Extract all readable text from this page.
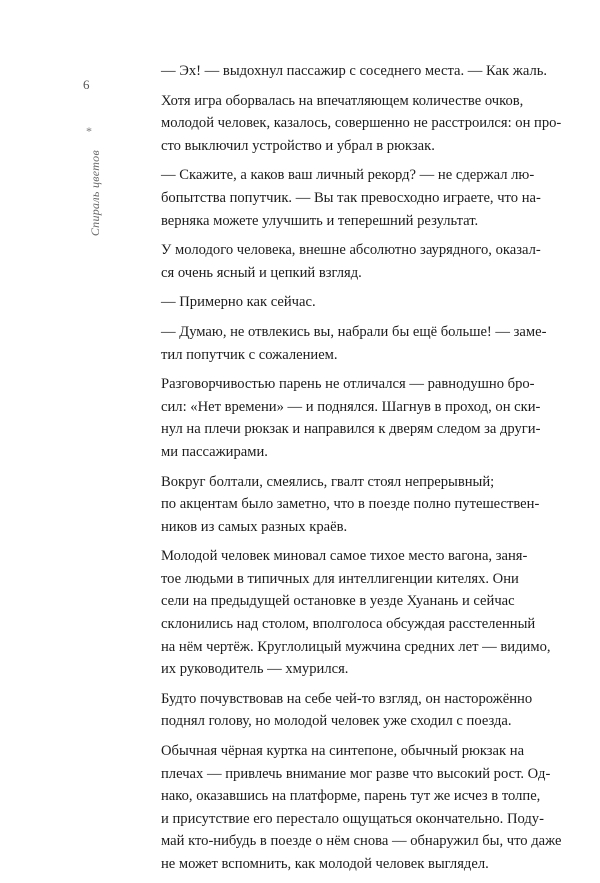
6
*
Спираль цветов

— Эх! — выдохнул пассажир с соседнего места. — Как жаль.

Хотя игра оборвалась на впечатляющем количестве очков,
молодой человек, казалось, совершенно не расстроился: он про-
сто выключил устройство и убрал в рюкзак.

— Скажите, а каков ваш личный рекорд? — не сдержал лю-
бопытства попутчик. — Вы так превосходно играете, что на-
верняка можете улучшить и теперешний результат.

У молодого человека, внешне абсолютно заурядного, оказал-
ся очень ясный и цепкий взгляд.

— Примерно как сейчас.

— Думаю, не отвлекись вы, набрали бы ещё больше! — заме-
тил попутчик с сожалением.

Разговорчивостью парень не отличался — равнодушно бро-
сил: «Нет времени» — и поднялся. Шагнув в проход, он ски-
нул на плечи рюкзак и направился к дверям следом за други-
ми пассажирами.

Вокруг болтали, смеялись, гвалт стоял непрерывный;
по акцентам было заметно, что в поезде полно путешествен-
ников из самых разных краёв.

Молодой человек миновал самое тихое место вагона, заня-
тое людьми в типичных для интеллигенции кителях. Они
сели на предыдущей остановке в уезде Хуанань и сейчас
склонились над столом, вполголоса обсуждая расстеленный
на нём чертёж. Круглолицый мужчина средних лет — видимо,
их руководитель — хмурился.

Будто почувствовав на себе чей-то взгляд, он насторожённо
поднял голову, но молодой человек уже сходил с поезда.

Обычная чёрная куртка на синтепоне, обычный рюкзак на
плечах — привлечь внимание мог разве что высокий рост. Од-
нако, оказавшись на платформе, парень тут же исчез в толпе,
и присутствие его перестало ощущаться окончательно. Поду-
май кто-нибудь в поезде о нём снова — обнаружил бы, что даже
не может вспомнить, как молодой человек выглядел.
